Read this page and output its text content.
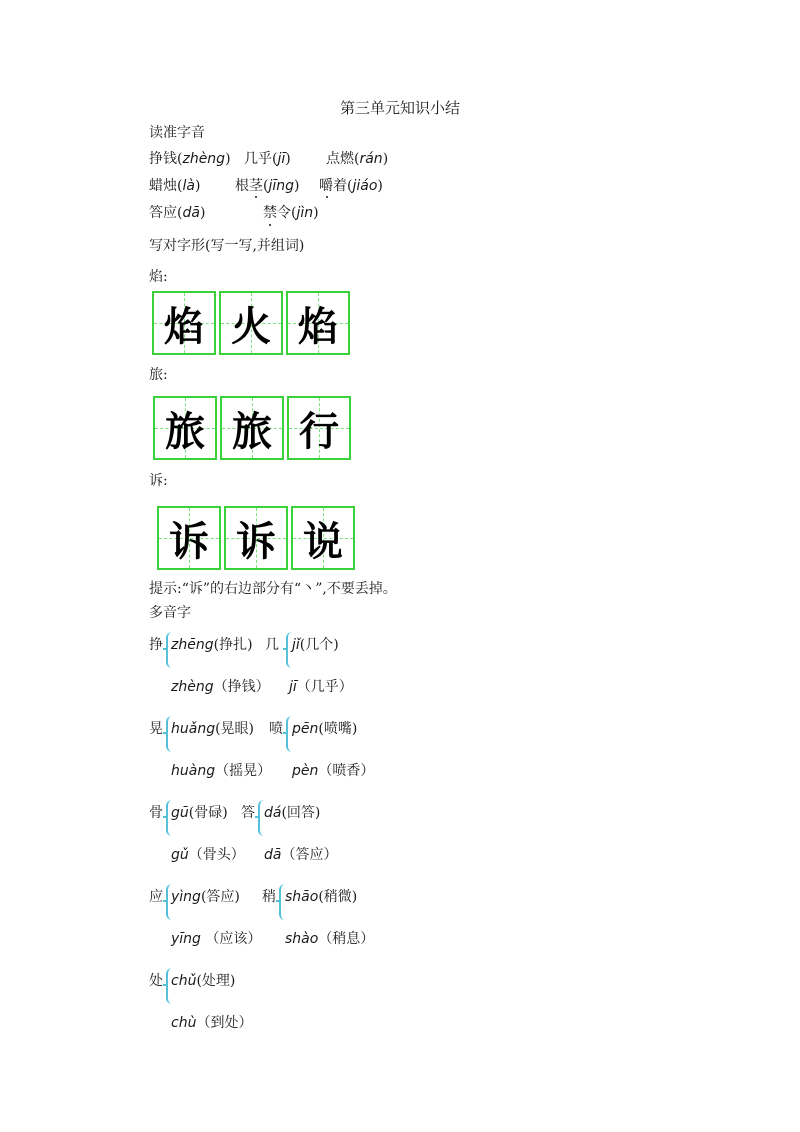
第三单元知识小结
读准字音
挣钱(zhèng) 几乎(jī)	点燃(rán)
蜡烛(là) 根茎(jīng) 嚼着(jiáo)
答应(dā)	禁令(jìn)
写对字形(写一写,并组词)
焰:
焰 火 焰
旅:
旅 旅 行
诉:
诉 诉 说
提示:“诉”的右边部分有“丶”,不要丢掉。
多音字
挣 zhēng(挣扎)
zhèng（挣钱）
几 jǐ(几个)
jī（几乎）
晃 huǎng(晃眼)
huàng（摇晃）
喷 pēn(喷嘴)
pèn（喷香）
骨 gū(骨碌)
gǔ（骨头）
答 dá(回答)
dā（答应）
应 yìng(答应)
yīng （应该）
稍 shāo(稍微)
shào（稍息）
处 chǔ(处理)
chù（到处）
